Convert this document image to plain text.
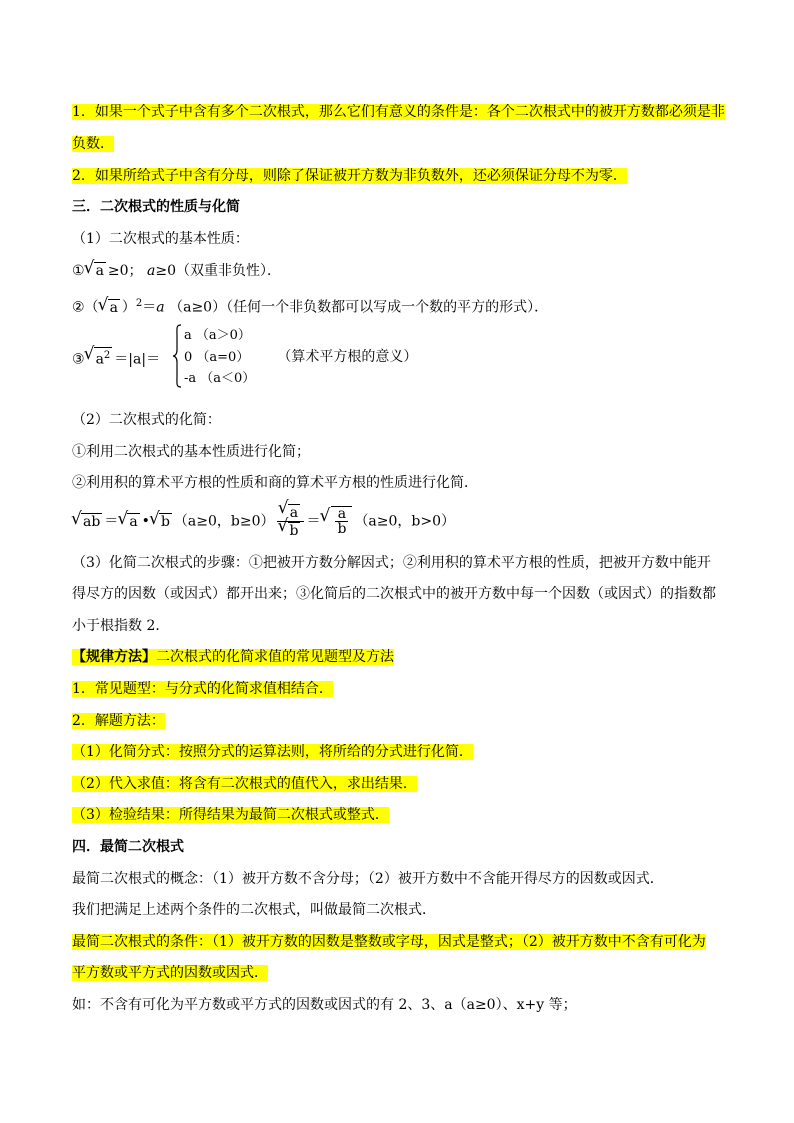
1．如果一个式子中含有多个二次根式，那么它们有意义的条件是：各个二次根式中的被开方数都必须是非
负数．
2．如果所给式子中含有分母，则除了保证被开方数为非负数外，还必须保证分母不为零．
三．二次根式的性质与化简
（1）二次根式的基本性质：
① √ a ≥0； a≥0（双重非负性）．
②（ √ a ）$^2$＝a （a≥0）（任何一个非负数都可以写成一个数的平方的形式）．
③ √ $a^2 =|a|=$
a （a＞0）
0 （a=0） （算术平方根的意义）
-a （a＜0）
（2）二次根式的化简：
①利用二次根式的基本性质进行化简；
②利用积的算术平方根的性质和商的算术平方根的性质进行化简．
√ ab ＝ √ a • √ b （a≥0，b≥0） √ a
√ b ＝ √ $\frac{a}{b} (a\ge 0$，b>0）
（3）化简二次根式的步骤：①把被开方数分解因式；②利用积的算术平方根的性质，把被开方数中能开
得尽方的因数（或因式）都开出来；③化简后的二次根式中的被开方数中每一个因数（或因式）的指数都
小于根指数 2．
【规律方法】二次根式的化简求值的常见题型及方法
1．常见题型：与分式的化简求值相结合．
2．解题方法：
（1）化简分式：按照分式的运算法则，将所给的分式进行化简．
（2）代入求值：将含有二次根式的值代入，求出结果．
（3）检验结果：所得结果为最简二次根式或整式．
四．最简二次根式
最简二次根式的概念：（1）被开方数不含分母；（2）被开方数中不含能开得尽方的因数或因式．
我们把满足上述两个条件的二次根式，叫做最简二次根式．
最简二次根式的条件：（1）被开方数的因数是整数或字母，因式是整式；（2）被开方数中不含有可化为
平方数或平方式的因数或因式．
如：不含有可化为平方数或平方式的因数或因式的有 2、3、a（a≥0）、x+y 等；
